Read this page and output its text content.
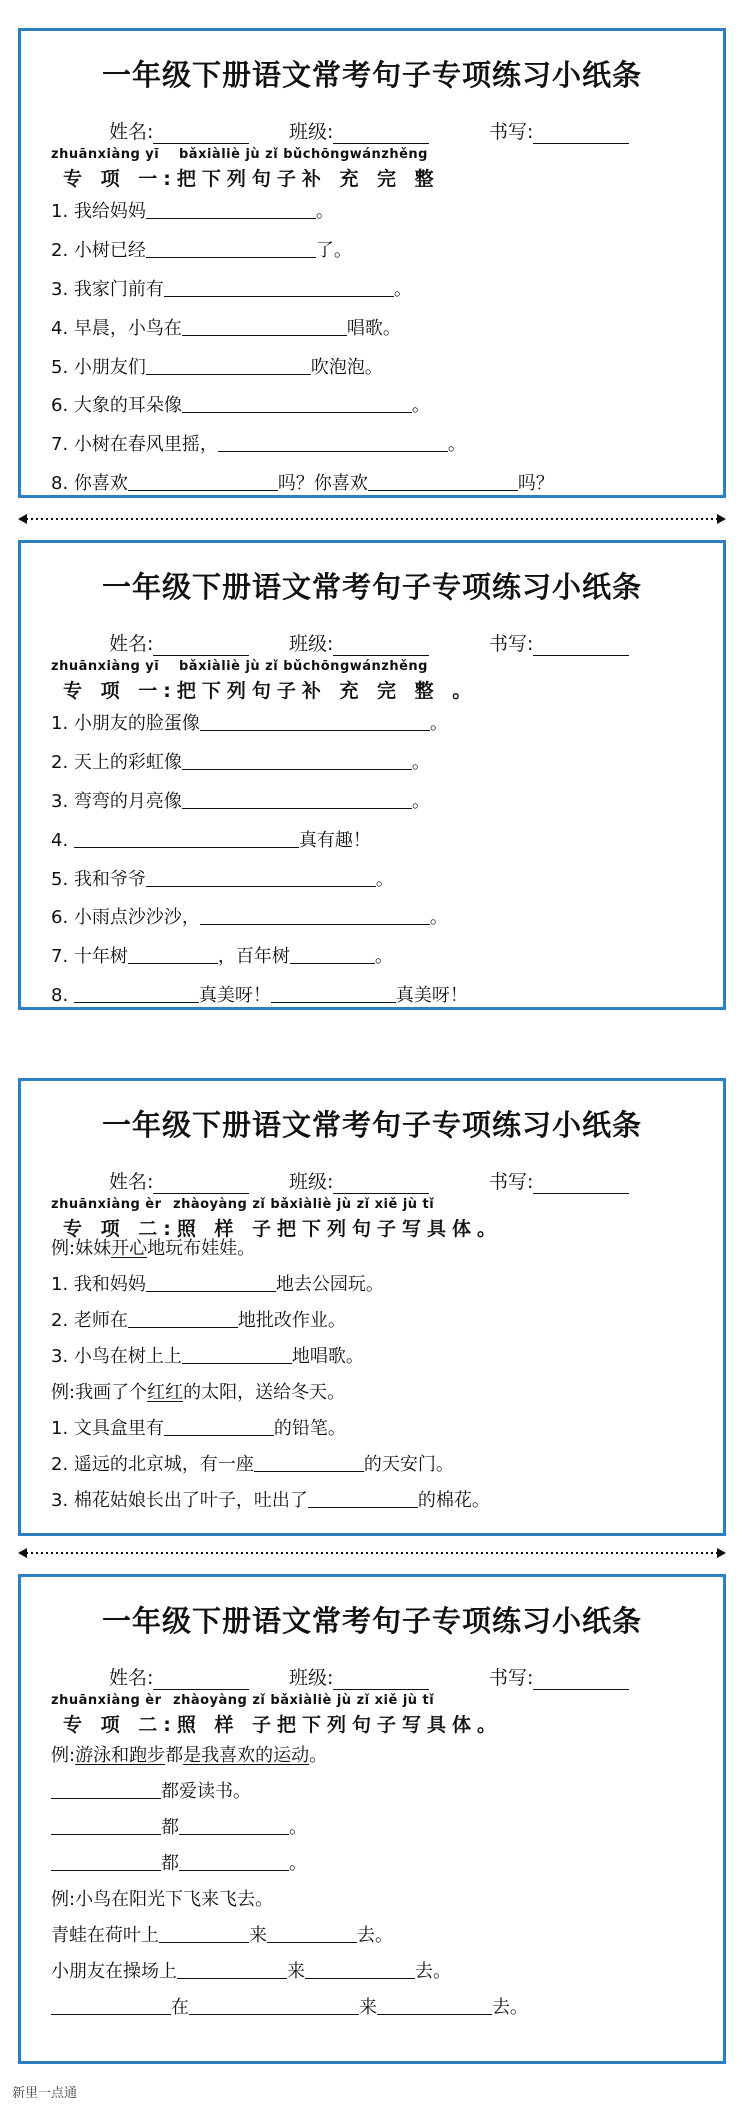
一年级下册语文常考句子专项练习小纸条
姓名:	班级:	书写:
zhuānxiàng yī bǎxiàliè jù zǐ bǔchōngwánzhěng
专 项 一:把下列句子补 充 完 整
1. 我给妈妈	。
2. 小树已经	了。
3. 我家门前有	。
4. 早晨，小鸟在	唱歌。
5. 小朋友们	吹泡泡。
6. 大象的耳朵像	。
7. 小树在春风里摇，	。
8. 你喜欢	吗？你喜欢	吗？
一年级下册语文常考句子专项练习小纸条
姓名:	班级:	书写:
zhuānxiàng yī bǎxiàliè jù zǐ bǔchōngwánzhěng
专 项 一:把下列句子补 充 完 整 。
1. 小朋友的脸蛋像	。
2. 天上的彩虹像	。
3. 弯弯的月亮像	。
4.	真有趣！
5. 我和爷爷	。
6. 小雨点沙沙沙，	。
7. 十年树	，百年树	。
8.	真美呀！	真美呀！
一年级下册语文常考句子专项练习小纸条
姓名:	班级:	书写:
zhuānxiàng èr zhàoyàng zǐ bǎxiàliè jù zǐ xiě jù tǐ
专 项 二:照 样 子把下列句子写具体。
例:妹妹开心地玩布娃娃。
1. 我和妈妈	地去公园玩。
2. 老师在	地批改作业。
3. 小鸟在树上上	地唱歌。
例:我画了个红红的太阳，送给冬天。
1. 文具盒里有	的铅笔。
2. 遥远的北京城，有一座	的天安门。
3. 棉花姑娘长出了叶子，吐出了	的棉花。
一年级下册语文常考句子专项练习小纸条
姓名:	班级:	书写:
zhuānxiàng èr zhàoyàng zǐ bǎxiàliè jù zǐ xiě jù tǐ
专 项 二:照 样 子把下列句子写具体。
例:游泳和跑步都是我喜欢的运动。
都爱读书。
都	。
都	。
例:小鸟在阳光下飞来飞去。
青蛙在荷叶上	来	去。
小朋友在操场上	来	去。
在	来	去。
新里一点通
